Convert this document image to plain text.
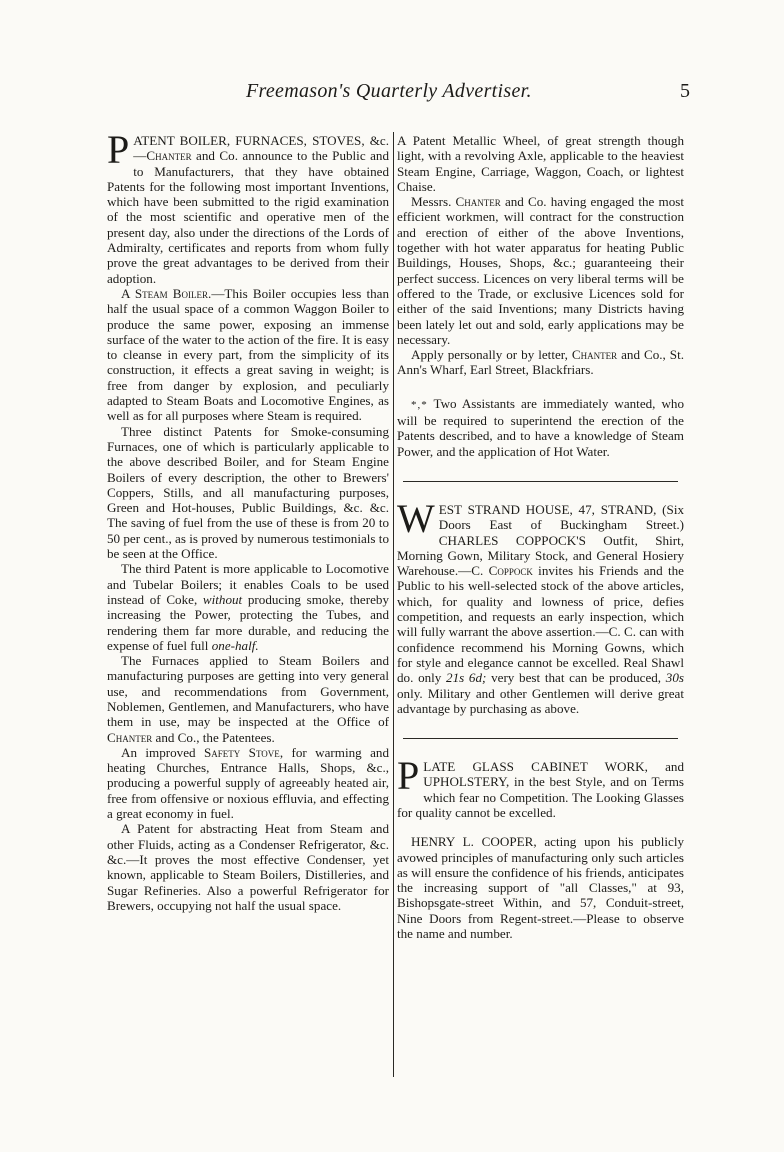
Freemason's Quarterly Advertiser.	5

PATENT BOILER, FURNACES, STOVES, &c.—Chanter and Co. announce to the Public and to Manufacturers, that they have obtained Patents for the following most important Inventions, which have been submitted to the rigid examination of the most scientific and operative men of the present day, also under the directions of the Lords of Admiralty, certificates and reports from whom fully prove the great advantages to be derived from their adoption.

A Steam Boiler.—This Boiler occupies less than half the usual space of a common Waggon Boiler to produce the same power, exposing an immense surface of the water to the action of the fire. It is easy to cleanse in every part, from the simplicity of its construction, it effects a great saving in weight; is free from danger by explosion, and peculiarly adapted to Steam Boats and Locomotive Engines, as well as for all purposes where Steam is required.

Three distinct Patents for Smoke-consuming Furnaces, one of which is particularly applicable to the above described Boiler, and for Steam Engine Boilers of every description, the other to Brewers' Coppers, Stills, and all manufacturing purposes, Green and Hot-houses, Public Buildings, &c. &c. The saving of fuel from the use of these is from 20 to 50 per cent., as is proved by numerous testimonials to be seen at the Office.

The third Patent is more applicable to Locomotive and Tubelar Boilers; it enables Coals to be used instead of Coke, without producing smoke, thereby increasing the Power, protecting the Tubes, and rendering them far more durable, and reducing the expense of fuel full one-half.

The Furnaces applied to Steam Boilers and manufacturing purposes are getting into very general use, and recommendations from Government, Noblemen, Gentlemen, and Manufacturers, who have them in use, may be inspected at the Office of Chanter and Co., the Patentees.

An improved Safety Stove, for warming and heating Churches, Entrance Halls, Shops, &c., producing a powerful supply of agreeably heated air, free from offensive or noxious effluvia, and effecting a great economy in fuel.

A Patent for abstracting Heat from Steam and other Fluids, acting as a Condenser Refrigerator, &c. &c.—It proves the most effective Condenser, yet known, applicable to Steam Boilers, Distilleries, and Sugar Refineries. Also a powerful Refrigerator for Brewers, occupying not half the usual space.

A Patent Metallic Wheel, of great strength though light, with a revolving Axle, applicable to the heaviest Steam Engine, Carriage, Waggon, Coach, or lightest Chaise.

Messrs. Chanter and Co. having engaged the most efficient workmen, will contract for the construction and erection of either of the above Inventions, together with hot water apparatus for heating Public Buildings, Houses, Shops, &c.; guaranteeing their perfect success. Licences on very liberal terms will be offered to the Trade, or exclusive Licences sold for either of the said Inventions; many Districts having been lately let out and sold, early applications may be necessary.

Apply personally or by letter, Chanter and Co., St. Ann's Wharf, Earl Street, Blackfriars.

*,* Two Assistants are immediately wanted, who will be required to superintend the erection of the Patents described, and to have a knowledge of Steam Power, and the application of Hot Water.

WEST STRAND HOUSE, 47, STRAND, (Six Doors East of Buckingham Street.) CHARLES COPPOCK'S Outfit, Shirt, Morning Gown, Military Stock, and General Hosiery Warehouse.—C. Coppock invites his Friends and the Public to his well-selected stock of the above articles, which, for quality and lowness of price, defies competition, and requests an early inspection, which will fully warrant the above assertion.—C. C. can with confidence recommend his Morning Gowns, which for style and elegance cannot be excelled. Real Shawl do. only 21s 6d; very best that can be produced, 30s only. Military and other Gentlemen will derive great advantage by purchasing as above.

PLATE GLASS CABINET WORK, and UPHOLSTERY, in the best Style, and on Terms which fear no Competition. The Looking Glasses for quality cannot be excelled.

HENRY L. COOPER, acting upon his publicly avowed principles of manufacturing only such articles as will ensure the confidence of his friends, anticipates the increasing support of "all Classes," at 93, Bishopsgate-street Within, and 57, Conduit-street, Nine Doors from Regent-street.—Please to observe the name and number.
